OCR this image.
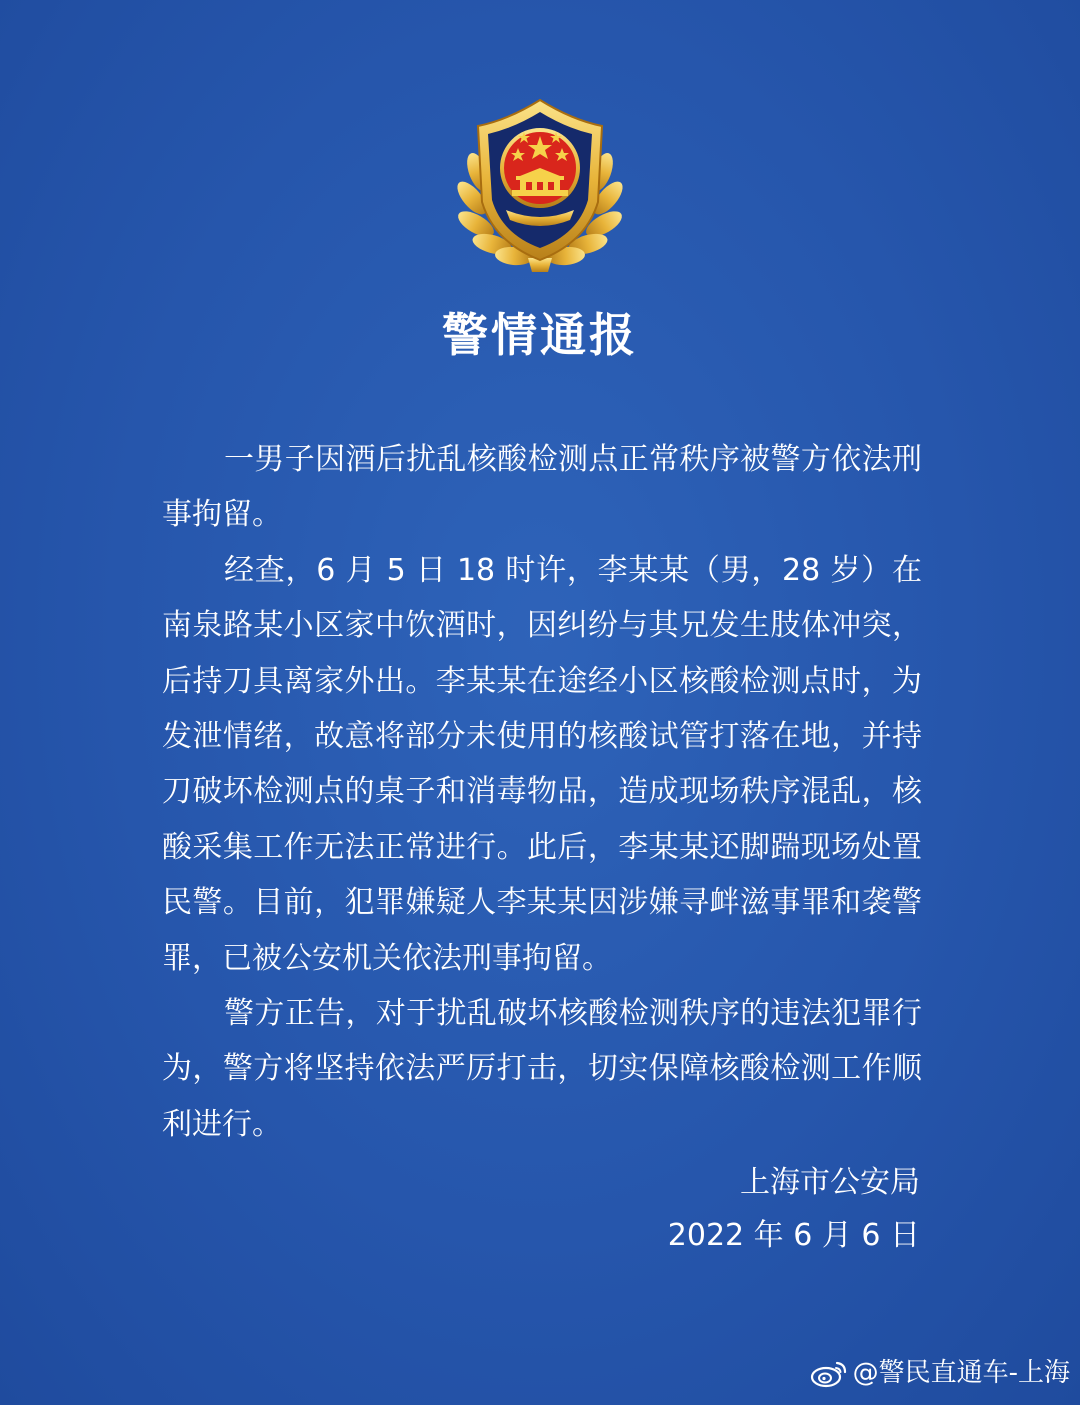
警情通报

一男子因酒后扰乱核酸检测点正常秩序被警方依法刑事拘留。

经查，6 月 5 日 18 时许，李某某（男，28 岁）在南泉路某小区家中饮酒时，因纠纷与其兄发生肢体冲突，后持刀具离家外出。李某某在途经小区核酸检测点时，为发泄情绪，故意将部分未使用的核酸试管打落在地，并持刀破坏检测点的桌子和消毒物品，造成现场秩序混乱，核酸采集工作无法正常进行。此后，李某某还脚踹现场处置民警。目前，犯罪嫌疑人李某某因涉嫌寻衅滋事罪和袭警罪，已被公安机关依法刑事拘留。

警方正告，对于扰乱破坏核酸检测秩序的违法犯罪行为，警方将坚持依法严厉打击，切实保障核酸检测工作顺利进行。

上海市公安局
2022 年 6 月 6 日
@警民直通车-上海
